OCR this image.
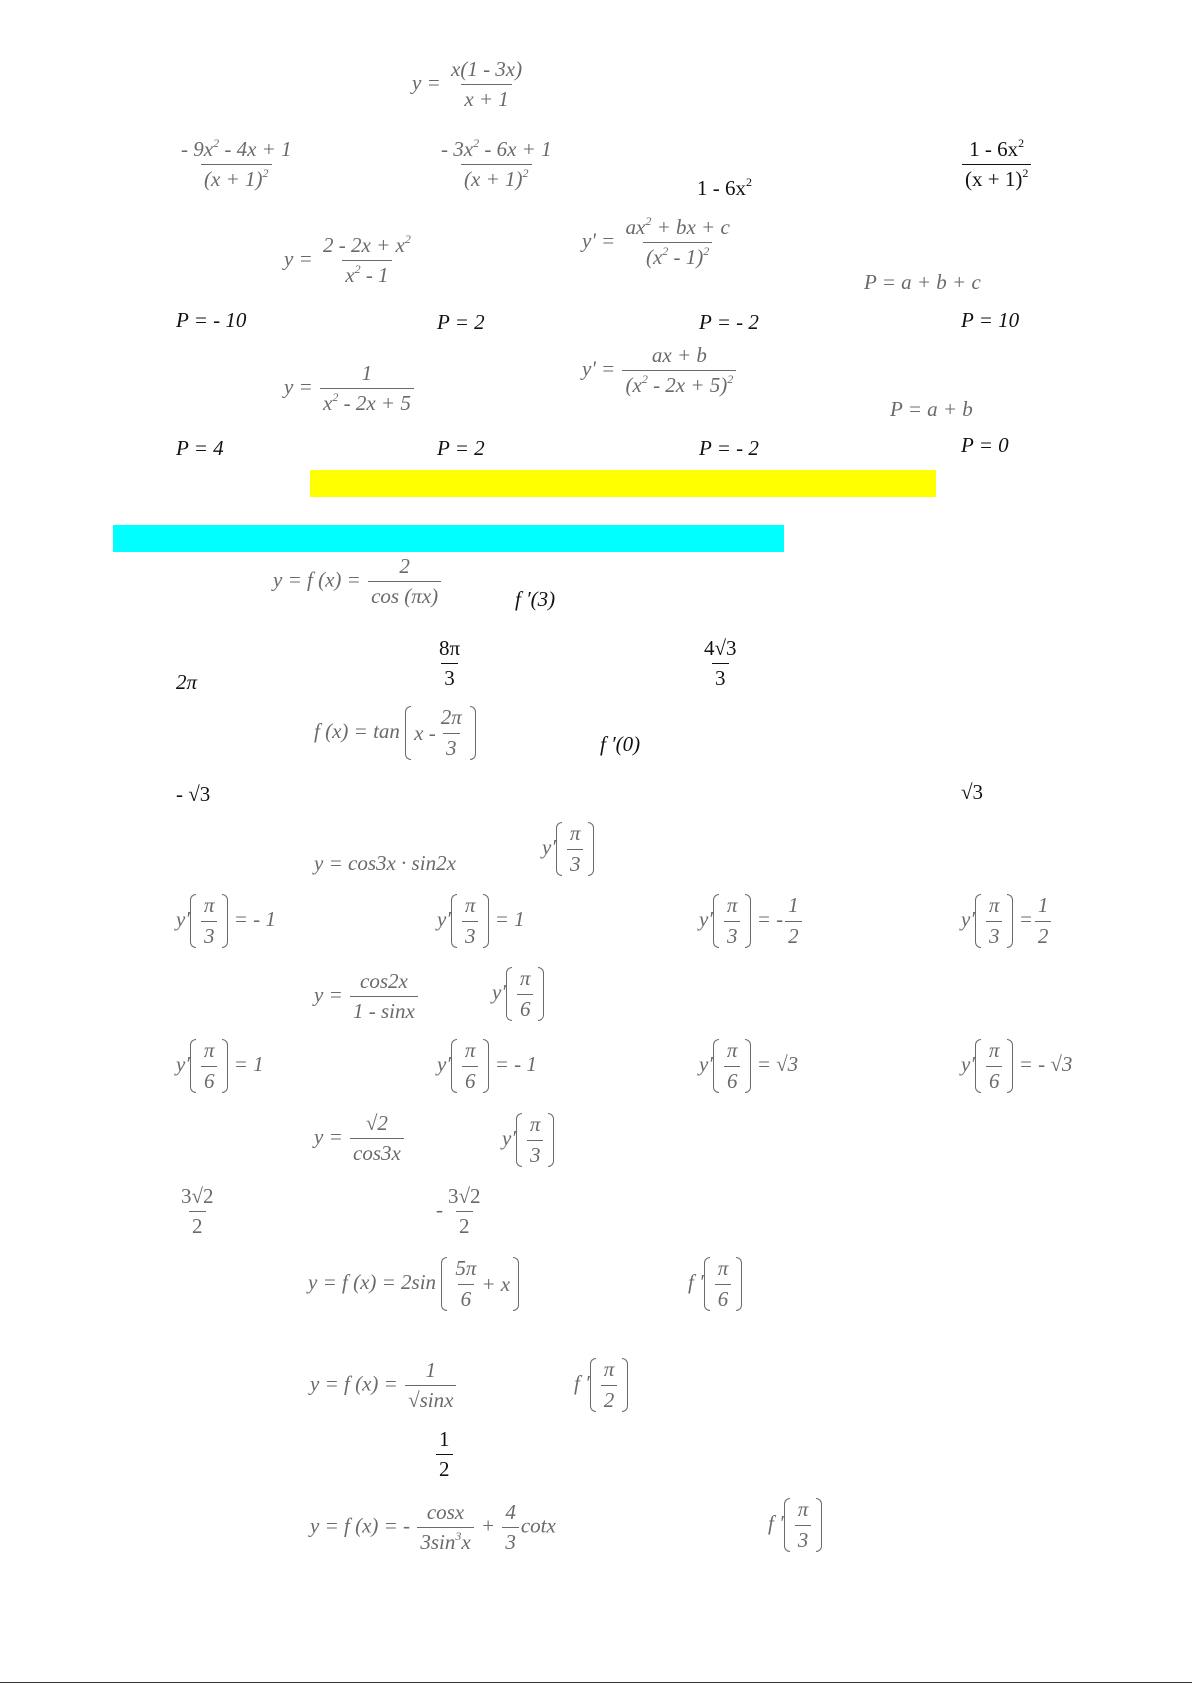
$y = \frac{x(1 - 3x)}{x + 1}$
$\frac{- 9x^2 - 4x + 1}{(x + 1)^2}$	$\frac{- 3x^2 - 6x + 1}{(x + 1)^2}$	$1 - 6x^2$	$\frac{1 - 6x^2}{(x + 1)^2}$
$y = \frac{2 - 2x + x^2}{x^2 - 1}$	$y' = \frac{ax^2 + bx + c}{(x^2 - 1)^2}$
P = a + b + c
P = - 10	P = 2	P = - 2	P = 10
$y = \frac{1}{x^2 - 2x + 5}$	$y' = \frac{ax + b}{(x^2 - 2x + 5)^2}$
P = a + b
P = 4	P = 2	P = - 2	P = 0
y = f $(x) = \frac{2}{\cos (\pi x)}$	f ′(3)
2π	$\frac{8\pi}{3}$	$\frac{4√3}{3}$
f $(x) = \tan x - \frac{2\pi}{3}$	f ′(0)
- √3	√3
y = cos3x · sin2x
$y' \frac{\pi}{3}$
$y' \frac{\pi}{3}$ = - 1	$y' \frac{\pi}{3} = 1$	$y' \frac{\pi}{3}$ = - $\frac{1}{2}$	$y' \frac{\pi}{3} = \frac{1}{2}$
$y = \frac{\cos 2x}{1 - \sin x}$	$y' \frac{\pi}{6}$
$y' \frac{\pi}{6} = 1$	$y' \frac{\pi}{6}$ = - 1	$y' \frac{\pi}{6} = √3$	$y' \frac{\pi}{6}$ = - √3
$y = \frac{√2}{\cos 3x}$	$y' \frac{\pi}{3}$
$\frac{3√2}{2}$	- $\frac{3√2}{2}$
y = f $(x) = 2\sin \frac{5\pi}{6} + x$	f ′ $\frac{\pi}{6}$
y = f $(x) = \frac{1}{√\sin x}$	f ′ $\frac{\pi}{2}$
$\frac{1}{2}$
y = f (x) = - $\frac{\cos x}{3\sin^3x} + \frac{4}{3}$ cotx	f ′ $\frac{\pi}{3}$
